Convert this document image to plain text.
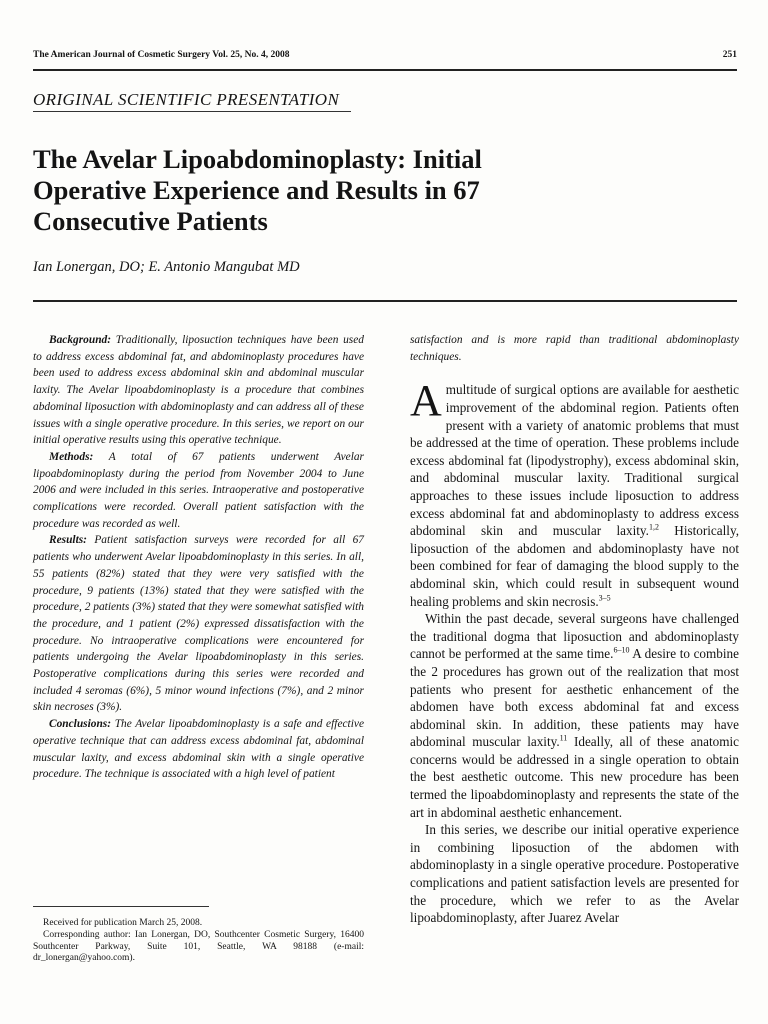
The American Journal of Cosmetic Surgery Vol. 25, No. 4, 2008	251
ORIGINAL SCIENTIFIC PRESENTATION
The Avelar Lipoabdominoplasty: Initial Operative Experience and Results in 67 Consecutive Patients
Ian Lonergan, DO; E. Antonio Mangubat MD

Background: Traditionally, liposuction techniques have been used to address excess abdominal fat, and abdominoplasty procedures have been used to address excess abdominal skin and abdominal muscular laxity. The Avelar lipoabdominoplasty is a procedure that combines abdominal liposuction with abdominoplasty and can address all of these issues with a single operative procedure. In this series, we report on our initial operative results using this operative technique.

Methods: A total of 67 patients underwent Avelar lipoabdominoplasty during the period from November 2004 to June 2006 and were included in this series. Intraoperative and postoperative complications were recorded. Overall patient satisfaction with the procedure was recorded as well.

Results: Patient satisfaction surveys were recorded for all 67 patients who underwent Avelar lipoabdominoplasty in this series. In all, 55 patients (82%) stated that they were very satisfied with the procedure, 9 patients (13%) stated that they were satisfied with the procedure, 2 patients (3%) stated that they were somewhat satisfied with the procedure, and 1 patient (2%) expressed dissatisfaction with the procedure. No intraoperative complications were encountered for patients undergoing the Avelar lipoabdominoplasty in this series. Postoperative complications during this series were recorded and included 4 seromas (6%), 5 minor wound infections (7%), and 2 minor skin necroses (3%).

Conclusions: The Avelar lipoabdominoplasty is a safe and effective operative technique that can address excess abdominal fat, abdominal muscular laxity, and excess abdominal skin with a single operative procedure. The technique is associated with a high level of patient

Received for publication March 25, 2008.

Corresponding author: Ian Lonergan, DO, Southcenter Cosmetic Surgery, 16400 Southcenter Parkway, Suite 101, Seattle, WA 98188 (e-mail: dr_lonergan@yahoo.com).

satisfaction and is more rapid than traditional abdominoplasty techniques.

Amultitude of surgical options are available for aesthetic improvement of the abdominal region. Patients often present with a variety of anatomic problems that must be addressed at the time of operation. These problems include excess abdominal fat (lipodystrophy), excess abdominal skin, and abdominal muscular laxity. Traditional surgical approaches to these issues include liposuction to address excess abdominal fat and abdominoplasty to address excess abdominal skin and muscular laxity.$^{1,2}$ Historically, liposuction of the abdomen and abdominoplasty have not been combined for fear of damaging the blood supply to the abdominal skin, which could result in subsequent wound healing problems and skin necrosis.$^{3-5}$

Within the past decade, several surgeons have challenged the traditional dogma that liposuction and abdominoplasty cannot be performed at the same time.$^{6-10}$ A desire to combine the 2 procedures has grown out of the realization that most patients who present for aesthetic enhancement of the abdomen have both excess abdominal fat and excess abdominal skin. In addition, these patients may have abdominal muscular laxity.$^{11}$ Ideally, all of these anatomic concerns would be addressed in a single operation to obtain the best aesthetic outcome. This new procedure has been termed the lipoabdominoplasty and represents the state of the art in abdominal aesthetic enhancement.

In this series, we describe our initial operative experience in combining liposuction of the abdomen with abdominoplasty in a single operative procedure. Postoperative complications and patient satisfaction levels are presented for the procedure, which we refer to as the Avelar lipoabdominoplasty, after Juarez Avelar
